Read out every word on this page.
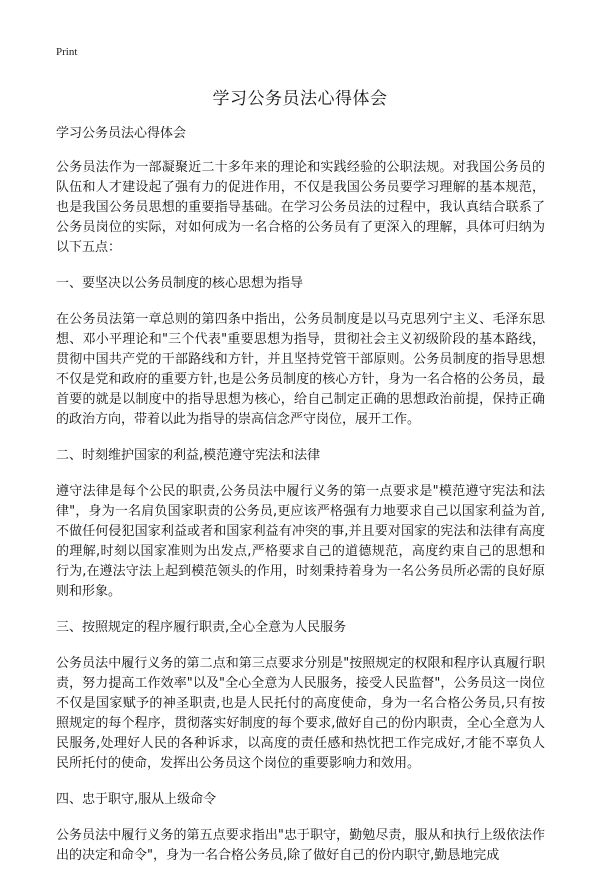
Print
学习公务员法心得体会

学习公务员法心得体会

公务员法作为一部凝聚近二十多年来的理论和实践经验的公职法规。对我国公务员的队伍和人才建设起了强有力的促进作用，不仅是我国公务员要学习理解的基本规范，也是我国公务员思想的重要指导基础。在学习公务员法的过程中，我认真结合联系了公务员岗位的实际，对如何成为一名合格的公务员有了更深入的理解，具体可归纳为以下五点：

一、要坚决以公务员制度的核心思想为指导

在公务员法第一章总则的第四条中指出，公务员制度是以马克思列宁主义、毛泽东思想、邓小平理论和"三个代表"重要思想为指导，贯彻社会主义初级阶段的基本路线，贯彻中国共产党的干部路线和方针，并且坚持党管干部原则。公务员制度的指导思想不仅是党和政府的重要方针,也是公务员制度的核心方针，身为一名合格的公务员，最首要的就是以制度中的指导思想为核心，给自己制定正确的思想政治前提，保持正确的政治方向，带着以此为指导的崇高信念严守岗位，展开工作。

二、时刻维护国家的利益,模范遵守宪法和法律

遵守法律是每个公民的职责,公务员法中履行义务的第一点要求是"模范遵守宪法和法律"，身为一名肩负国家职责的公务员,更应该严格强有力地要求自己以国家利益为首,不做任何侵犯国家利益或者和国家利益有冲突的事,并且要对国家的宪法和法律有高度的理解,时刻以国家准则为出发点,严格要求自己的道德规范，高度约束自己的思想和行为,在遵法守法上起到模范领头的作用，时刻秉持着身为一名公务员所必需的良好原则和形象。

三、按照规定的程序履行职责,全心全意为人民服务

公务员法中履行义务的第二点和第三点要求分别是"按照规定的权限和程序认真履行职责，努力提高工作效率"以及"全心全意为人民服务，接受人民监督"，公务员这一岗位不仅是国家赋予的神圣职责,也是人民托付的高度使命，身为一名合格公务员,只有按照规定的每个程序，贯彻落实好制度的每个要求,做好自己的份内职责，全心全意为人民服务,处理好人民的各种诉求，以高度的责任感和热忱把工作完成好,才能不辜负人民所托付的使命，发挥出公务员这个岗位的重要影响力和效用。

四、忠于职守,服从上级命令

公务员法中履行义务的第五点要求指出"忠于职守，勤勉尽责，服从和执行上级依法作出的决定和命令"，身为一名合格公务员,除了做好自己的份内职守,勤恳地完成
